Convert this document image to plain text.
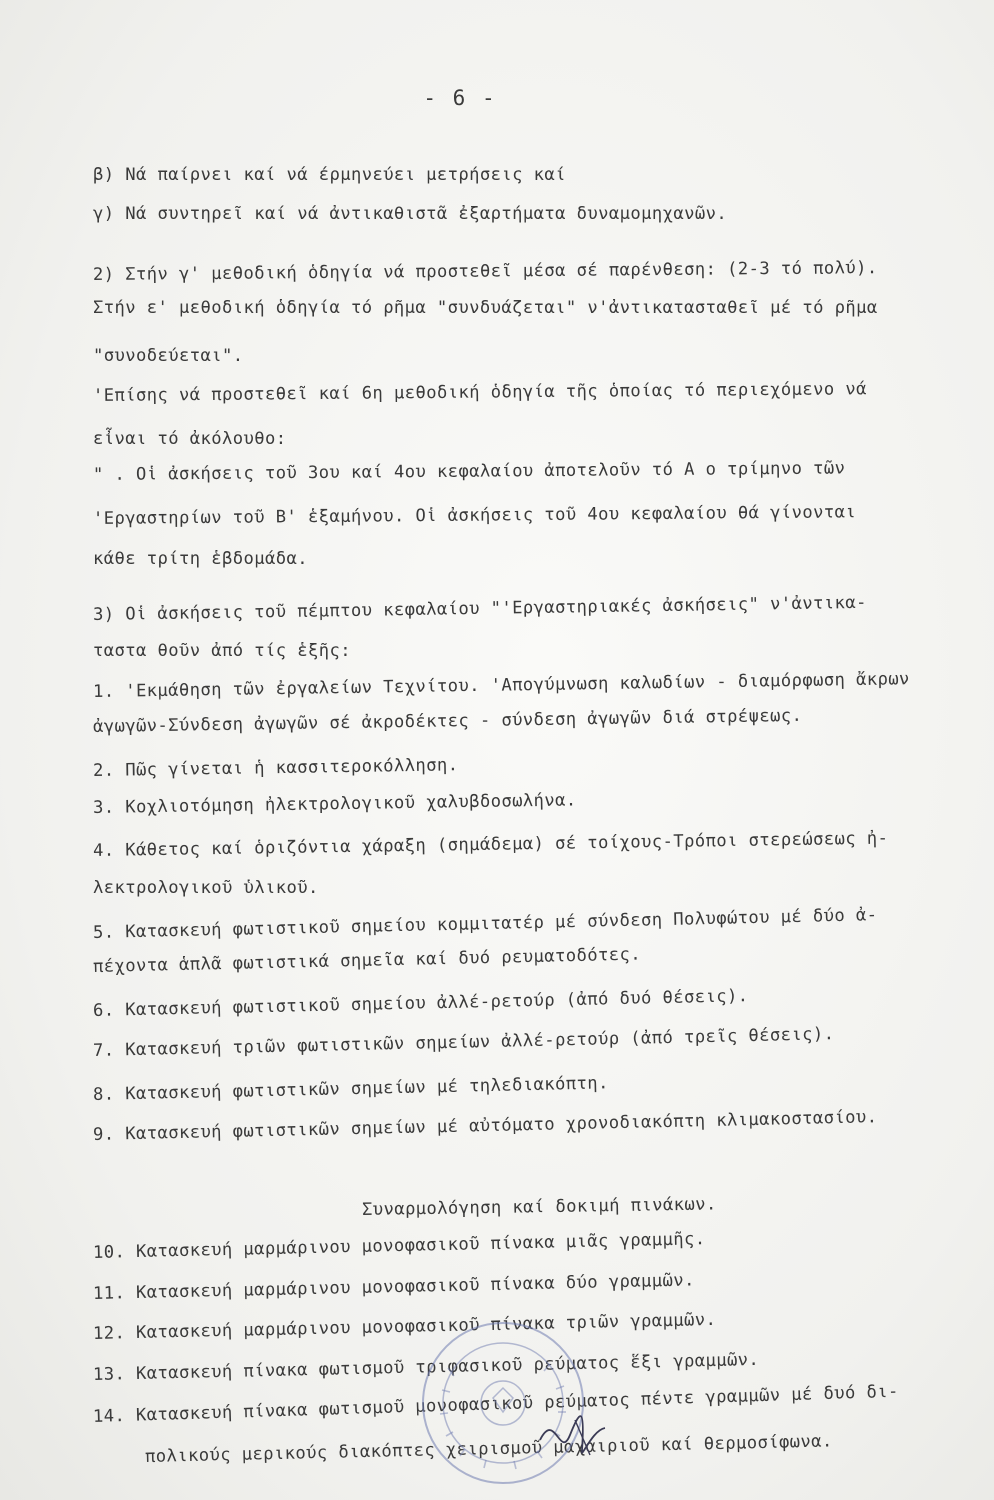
- 6 -
β) Νά παίρνει καί νά έρμηνεύει μετρήσεις καί
γ) Νά συντηρεῖ καί νά ἀντικαθιστᾶ ἐξαρτήματα δυναμομηχανῶν.
2) Στήν γ' μεθοδική ὁδηγία νά προστεθεῖ μέσα σέ παρένθεση: (2-3 τό πολύ).
Στήν ε' μεθοδική ὁδηγία τό ρῆμα "συνδυάζεται" ν'ἀντικατασταθεῖ μέ τό ρῆμα
"συνοδεύεται".
'Επίσης νά προστεθεῖ καί 6η μεθοδική ὁδηγία τῆς ὁποίας τό περιεχόμενο νά
εἶναι τό ἀκόλουθο:
" . Οἱ ἀσκήσεις τοῦ 3ου καί 4ου κεφαλαίου ἀποτελοῦν τό Α ο τρίμηνο τῶν
'Εργαστηρίων τοῦ Β' ἑξαμήνου. Οἱ ἀσκήσεις τοῦ 4ου κεφαλαίου θά γίνονται
κάθε τρίτη ἑβδομάδα.
3) Οἱ ἀσκήσεις τοῦ πέμπτου κεφαλαίου "'Εργαστηριακές ἀσκήσεις" ν'ἀντικα-
ταστα θοῦν ἀπό τίς ἑξῆς:
1. 'Εκμάθηση τῶν ἐργαλείων Τεχνίτου. 'Απογύμνωση καλωδίων - διαμόρφωση ἄκρων
ἀγωγῶν-Σύνδεση ἀγωγῶν σέ ἀκροδέκτες - σύνδεση ἀγωγῶν διά στρέψεως.
2. Πῶς γίνεται ἡ κασσιτεροκόλληση.
3. Κοχλιοτόμηση ἠλεκτρολογικοῦ χαλυβδοσωλήνα.
4. Κάθετος καί ὁριζόντια χάραξη (σημάδεμα) σέ τοίχους-Τρόποι στερεώσεως ἠ-
λεκτρολογικοῦ ὑλικοῦ.
5. Κατασκευή φωτιστικοῦ σημείου κομμιτατέρ μέ σύνδεση Πολυφώτου μέ δύο ἀ-
πέχοντα ἁπλᾶ φωτιστικά σημεῖα καί δυό ρευματοδότες.
6. Κατασκευή φωτιστικοῦ σημείου ἀλλέ-ρετούρ (ἀπό δυό θέσεις).
7. Κατασκευή τριῶν φωτιστικῶν σημείων ἀλλέ-ρετούρ (ἀπό τρεῖς θέσεις).
8. Κατασκευή φωτιστικῶν σημείων μέ τηλεδιακόπτη.
9. Κατασκευή φωτιστικῶν σημείων μέ αὐτόματο χρονοδιακόπτη κλιμακοστασίου.
Συναρμολόγηση καί δοκιμή πινάκων.
10. Κατασκευή μαρμάρινου μονοφασικοῦ πίνακα μιᾶς γραμμῆς.
11. Κατασκευή μαρμάρινου μονοφασικοῦ πίνακα δύο γραμμῶν.
12. Κατασκευή μαρμάρινου μονοφασικοῦ πίνακα τριῶν γραμμῶν.
13. Κατασκευή πίνακα φωτισμοῦ τριφασικοῦ ρεύματος ἕξι γραμμῶν.
14. Κατασκευή πίνακα φωτισμοῦ μονοφασικοῦ ρεύματος πέντε γραμμῶν μέ δυό δι-
πολικούς μερικούς διακόπτες χειρισμοῦ μαχαιριοῦ καί θερμοσίφωνα.
